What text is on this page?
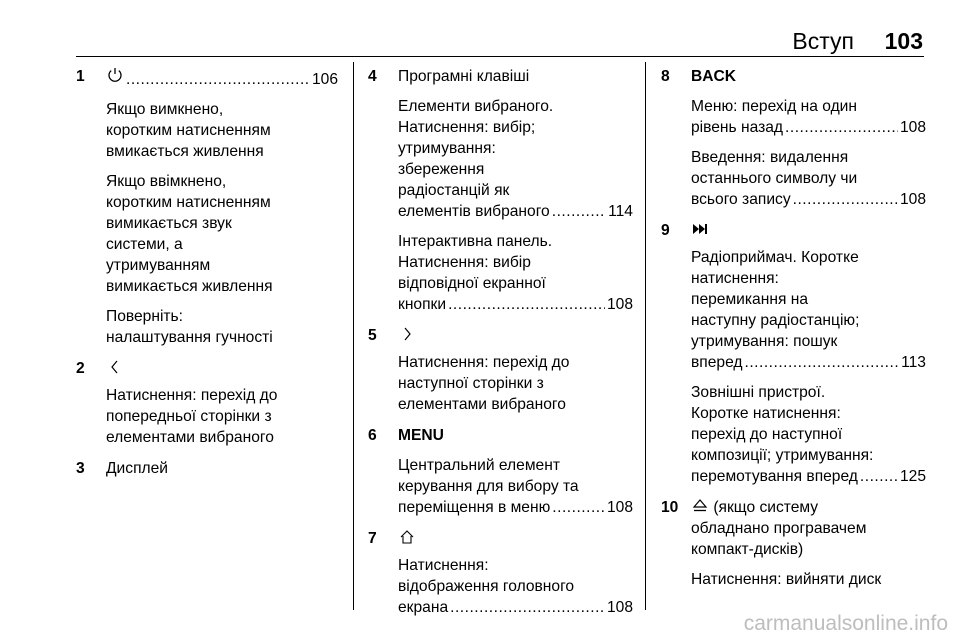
Вступ 103
1 .....	106
Якщо вимкнено,
коротким натисненням
вмикається живлення
Якщо ввімкнено,
коротким натисненням
вимикається звук
системи, а
утримуванням
вимикається живлення
Поверніть:
налаштування гучності
2
Натиснення: перехід до
попередньої сторінки з
елементами вибраного
3 Дисплей
4 Програмні клавіші
Елементи вибраного.
Натиснення: вибір;
утримування:
збереження
радіостанцій як
елементів вибраного .....	114
Інтерактивна панель.
Натиснення: вибір
відповідної екранної
кнопки .....	108
5
Натиснення: перехід до
наступної сторінки з
елементами вибраного
6 MENU
Центральний елемент
керування для вибору та
переміщення в меню .....	108
7
Натиснення:
відображення головного
екрана .....	108
8 BACK
Меню: перехід на один
рівень назад .....	108
Введення: видалення
останнього символу чи
всього запису .....	108
9
Радіоприймач. Коротке
натиснення:
перемикання на
наступну радіостанцію;
утримування: пошук
вперед .....	113
Зовнішні пристрої.
Коротке натиснення:
перехід до наступної
композиції; утримування:
перемотування вперед .....	125
10	(якщо систему
обладнано програвачем
компакт-дисків)
Натиснення: вийняти диск
carmanualsonline.info
